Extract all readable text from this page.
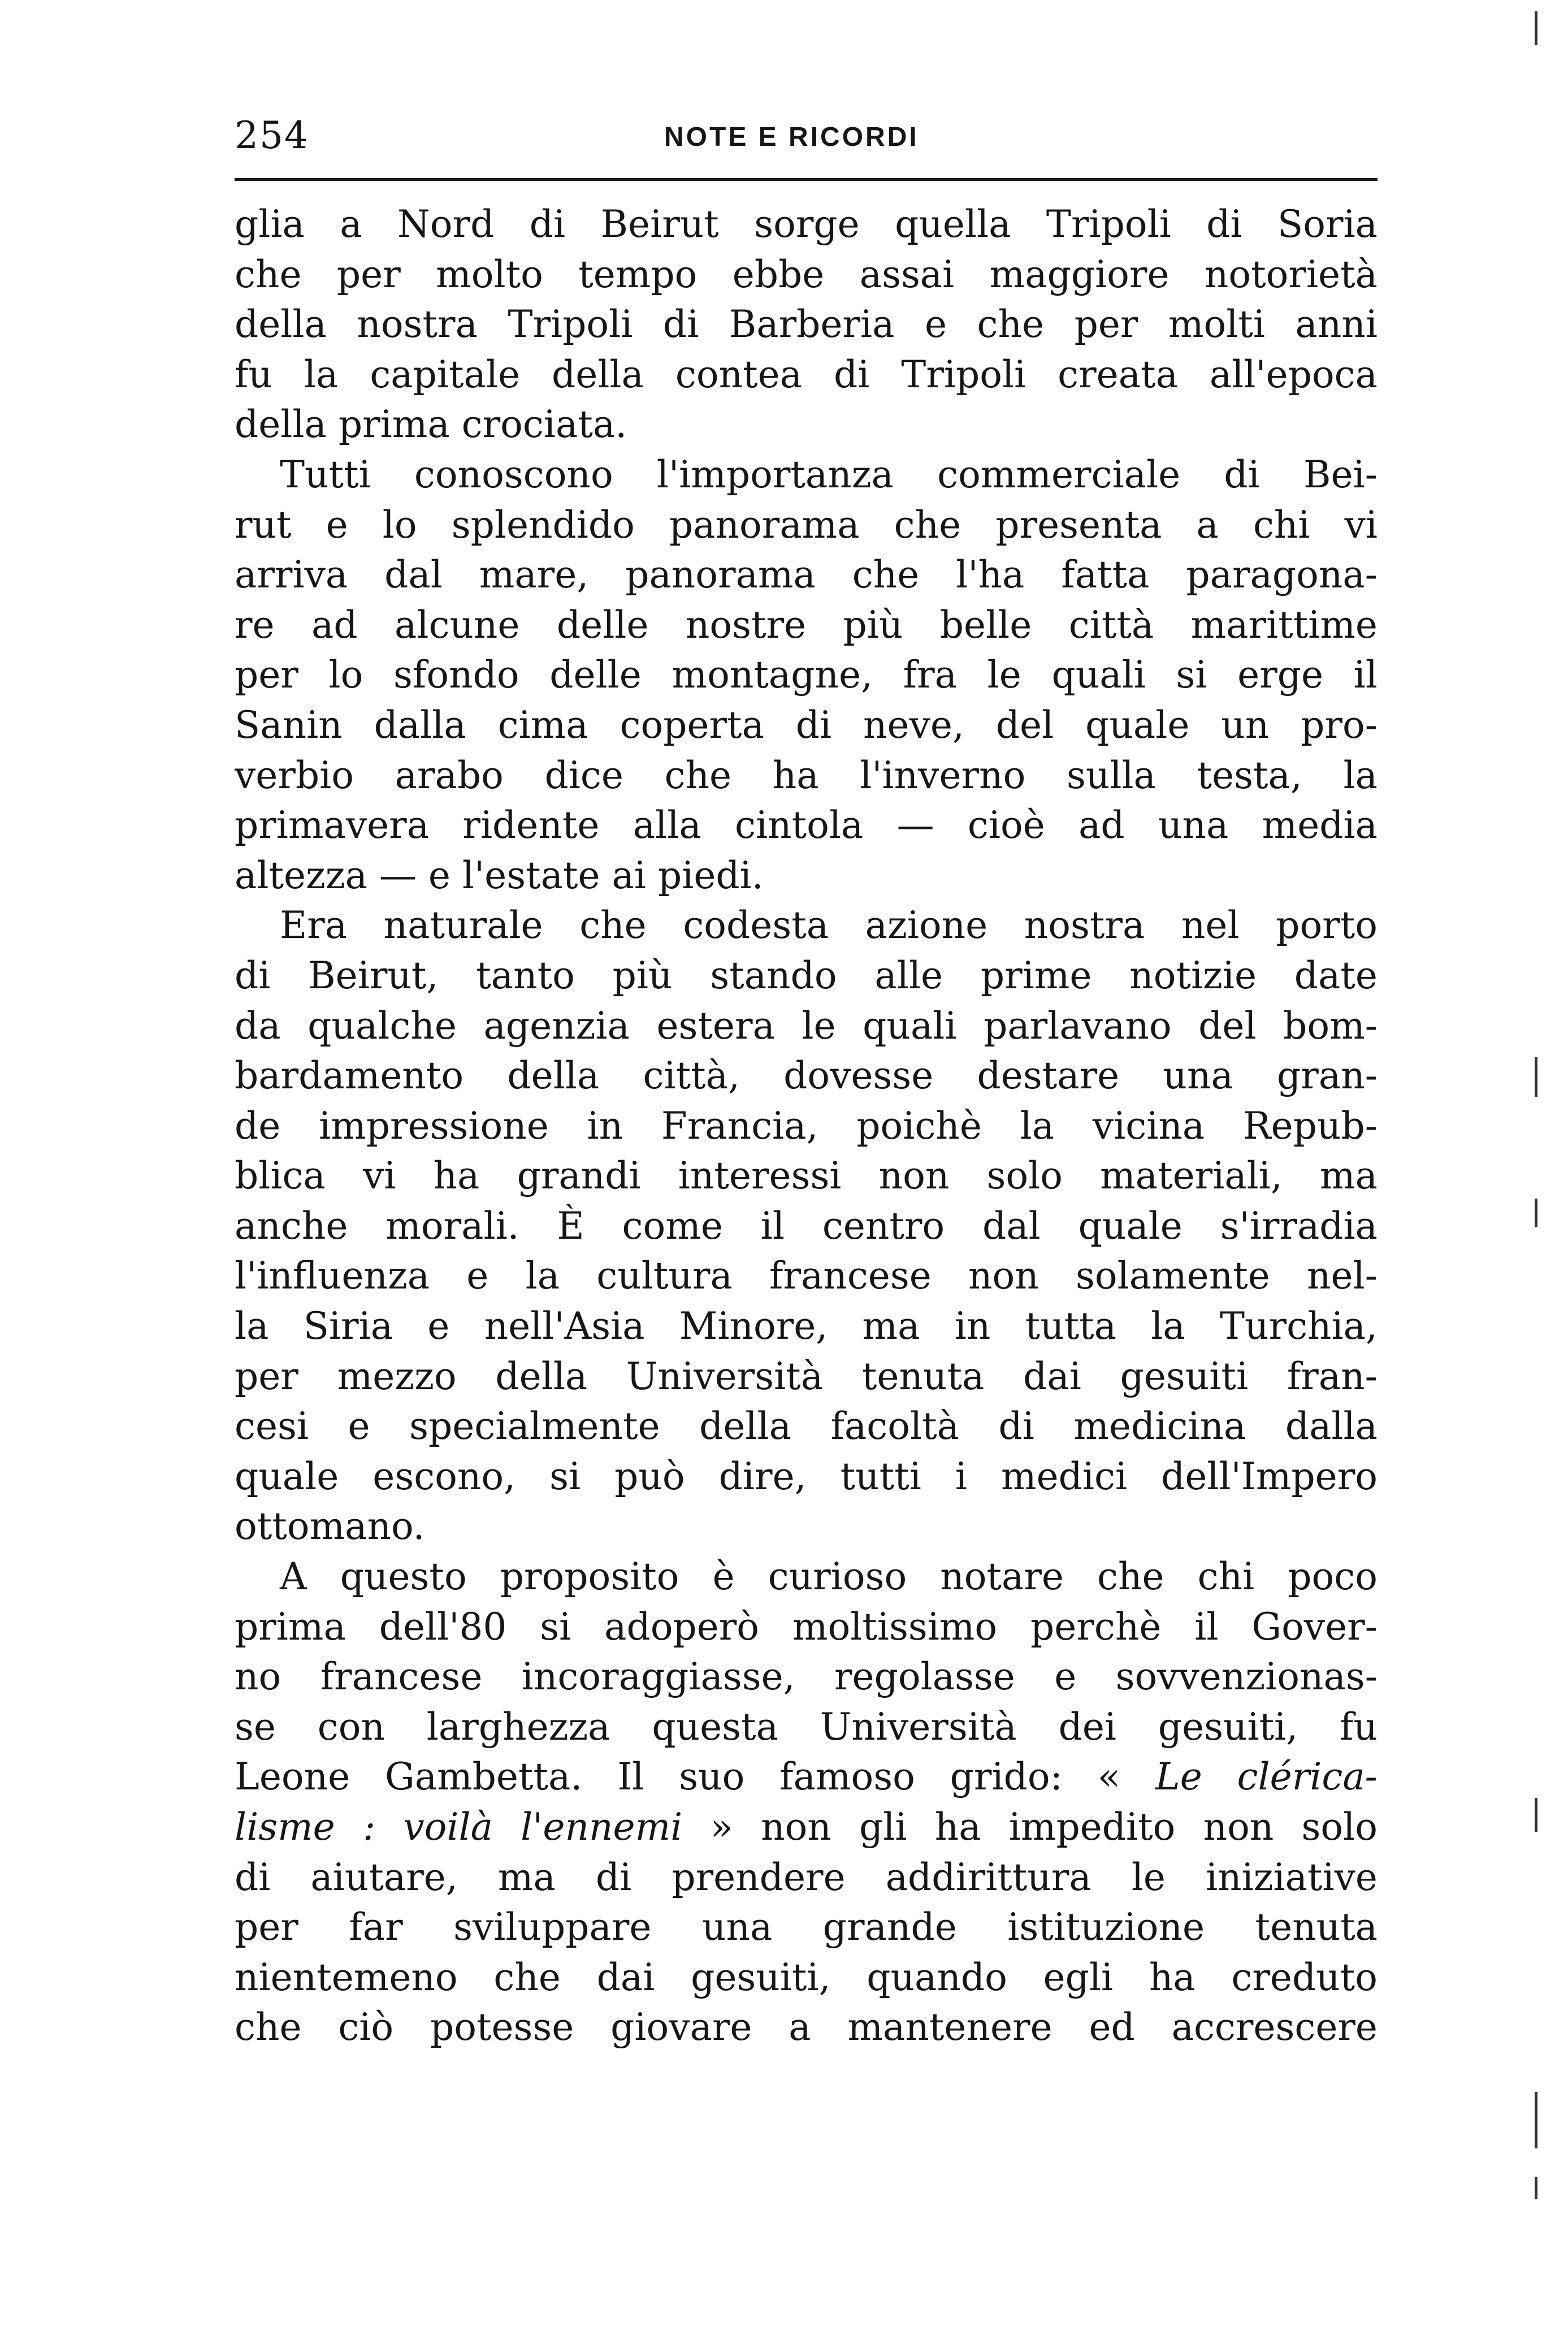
254	NOTE E RICORDI
glia a Nord di Beirut sorge quella Tripoli di Soria
che per molto tempo ebbe assai maggiore notorietà
della nostra Tripoli di Barberia e che per molti anni
fu la capitale della contea di Tripoli creata all'epoca
della prima crociata.
Tutti conoscono l'importanza commerciale di Bei-
rut e lo splendido panorama che presenta a chi vi
arriva dal mare, panorama che l'ha fatta paragona-
re ad alcune delle nostre più belle città marittime
per lo sfondo delle montagne, fra le quali si erge il
Sanin dalla cima coperta di neve, del quale un pro-
verbio arabo dice che ha l'inverno sulla testa, la
primavera ridente alla cintola — cioè ad una media
altezza — e l'estate ai piedi.
Era naturale che codesta azione nostra nel porto
di Beirut, tanto più stando alle prime notizie date
da qualche agenzia estera le quali parlavano del bom-
bardamento della città, dovesse destare una gran-
de impressione in Francia, poichè la vicina Repub-
blica vi ha grandi interessi non solo materiali, ma
anche morali. È come il centro dal quale s'irradia
l'influenza e la cultura francese non solamente nel-
la Siria e nell'Asia Minore, ma in tutta la Turchia,
per mezzo della Università tenuta dai gesuiti fran-
cesi e specialmente della facoltà di medicina dalla
quale escono, si può dire, tutti i medici dell'Impero
ottomano.
A questo proposito è curioso notare che chi poco
prima dell'80 si adoperò moltissimo perchè il Gover-
no francese incoraggiasse, regolasse e sovvenzionas-
se con larghezza questa Università dei gesuiti, fu
Leone Gambetta. Il suo famoso grido: « Le clérica-
lisme : voilà l'ennemi » non gli ha impedito non solo
di aiutare, ma di prendere addirittura le iniziative
per far sviluppare una grande istituzione tenuta
nientemeno che dai gesuiti, quando egli ha creduto
che ciò potesse giovare a mantenere ed accrescere
